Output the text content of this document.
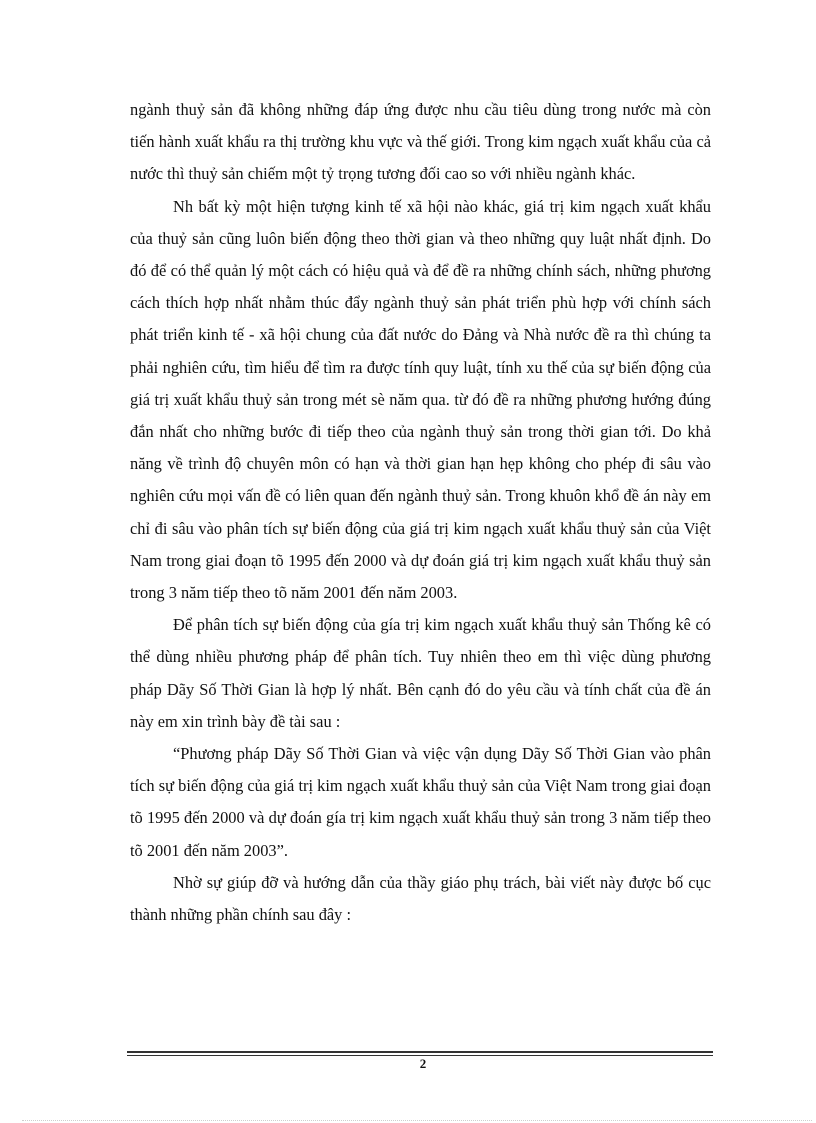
ngành thuỷ sản đã không những đáp ứng được nhu cầu tiêu dùng trong nước mà còn tiến hành xuất khẩu ra thị trường khu vực và thế giới. Trong kim ngạch xuất khẩu của cả nước thì thuỷ sản chiếm một tỷ trọng tương đối cao so với nhiều ngành khác.

Nh bất kỳ một hiện tượng kinh tế xã hội nào khác, giá trị kim ngạch xuất khẩu của thuỷ sản cũng luôn biến động theo thời gian và theo những quy luật nhất định. Do đó để có thể quản lý một cách có hiệu quả và để đề ra những chính sách, những phương cách thích hợp nhất nhằm thúc đẩy ngành thuỷ sản phát triển phù hợp với chính sách phát triển kinh tế - xã hội chung của đất nước do Đảng và Nhà nước đề ra thì chúng ta phải nghiên cứu, tìm hiểu để tìm ra được tính quy luật, tính xu thế của sự biến động của giá trị xuất khẩu thuỷ sản trong mét sè năm qua. từ đó đề ra những phương hướng đúng đắn nhất cho những bước đi tiếp theo của ngành thuỷ sản trong thời gian tới. Do khả năng về trình độ chuyên môn có hạn và thời gian hạn hẹp không cho phép đi sâu vào nghiên cứu mọi vấn đề có liên quan đến ngành thuỷ sản. Trong khuôn khổ đề án này em chỉ đi sâu vào phân tích sự biến động của giá trị kim ngạch xuất khẩu thuỷ sản của Việt Nam trong giai đoạn tõ 1995 đến 2000 và dự đoán giá trị kim ngạch xuất khẩu thuỷ sản trong 3 năm tiếp theo tõ năm 2001 đến năm 2003.

Để phân tích sự biến động của gía trị kim ngạch xuất khẩu thuỷ sản Thống kê có thể dùng nhiều phương pháp để phân tích. Tuy nhiên theo em thì việc dùng phương pháp Dãy Số Thời Gian là hợp lý nhất. Bên cạnh đó do yêu cầu và tính chất của đề án này em xin trình bày đề tài sau :

“Phương pháp Dãy Số Thời Gian và việc vận dụng Dãy Số Thời Gian vào phân tích sự biến động của giá trị kim ngạch xuất khẩu thuỷ sản của Việt Nam trong giai đoạn tõ 1995 đến 2000 và dự đoán gía trị kim ngạch xuất khẩu thuỷ sản trong 3 năm tiếp theo tõ 2001 đến năm 2003”.

Nhờ sự giúp đỡ và hướng dẫn của thầy giáo phụ trách, bài viết này được bố cục thành những phần chính sau đây :

2
